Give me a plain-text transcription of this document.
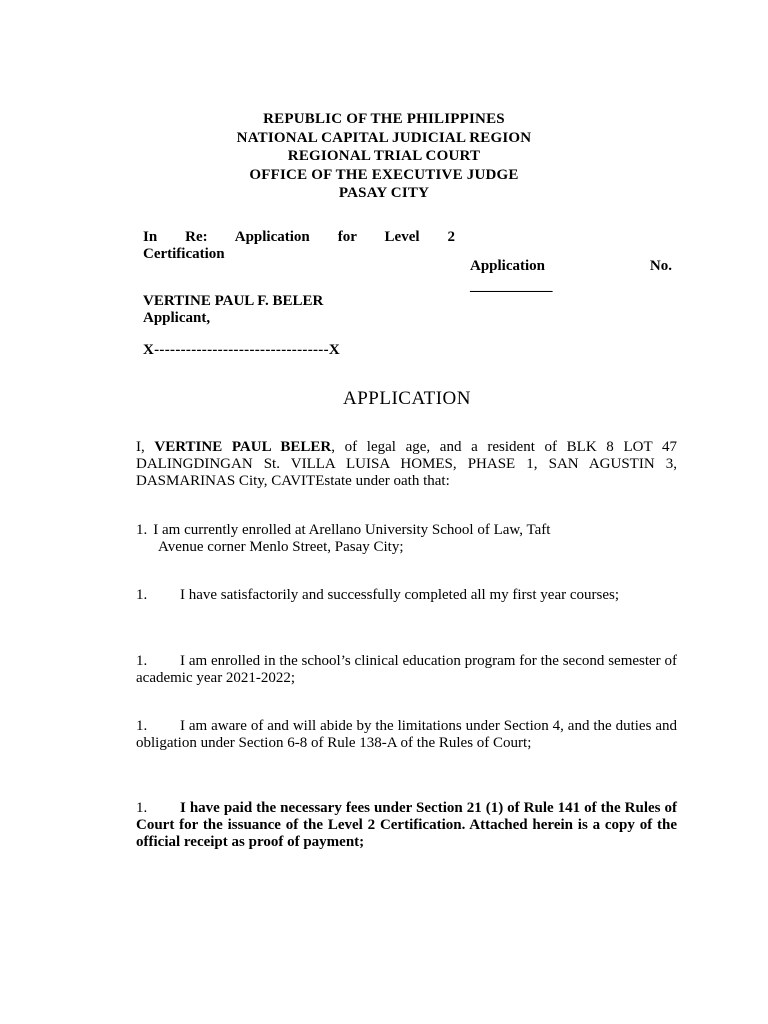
REPUBLIC OF THE PHILIPPINES
NATIONAL CAPITAL JUDICIAL REGION
REGIONAL TRIAL COURT
OFFICE OF THE EXECUTIVE JUDGE
PASAY CITY
In Re: Application for Level 2
Certification
Application	No.
___________
VERTINE PAUL F. BELER
Applicant,
X---------------------------------X
APPLICATION
I, VERTINE PAUL BELER, of legal age, and a resident of BLK 8 LOT 47 DALINGDINGAN St. VILLA LUISA HOMES, PHASE 1, SAN AGUSTIN 3, DASMARINAS City, CAVITEstate under oath that:
1. I am currently enrolled at Arellano University School of Law, Taft
Avenue corner Menlo Street, Pasay City;
1. I have satisfactorily and successfully completed all my first year courses;
1. I am enrolled in the school’s clinical education program for the second semester of academic year 2021-2022;
1. I am aware of and will abide by the limitations under Section 4, and the duties and obligation under Section 6-8 of Rule 138-A of the Rules of Court;
1. I have paid the necessary fees under Section 21 (1) of Rule 141 of the Rules of Court for the issuance of the Level 2 Certification. Attached herein is a copy of the official receipt as proof of payment;
